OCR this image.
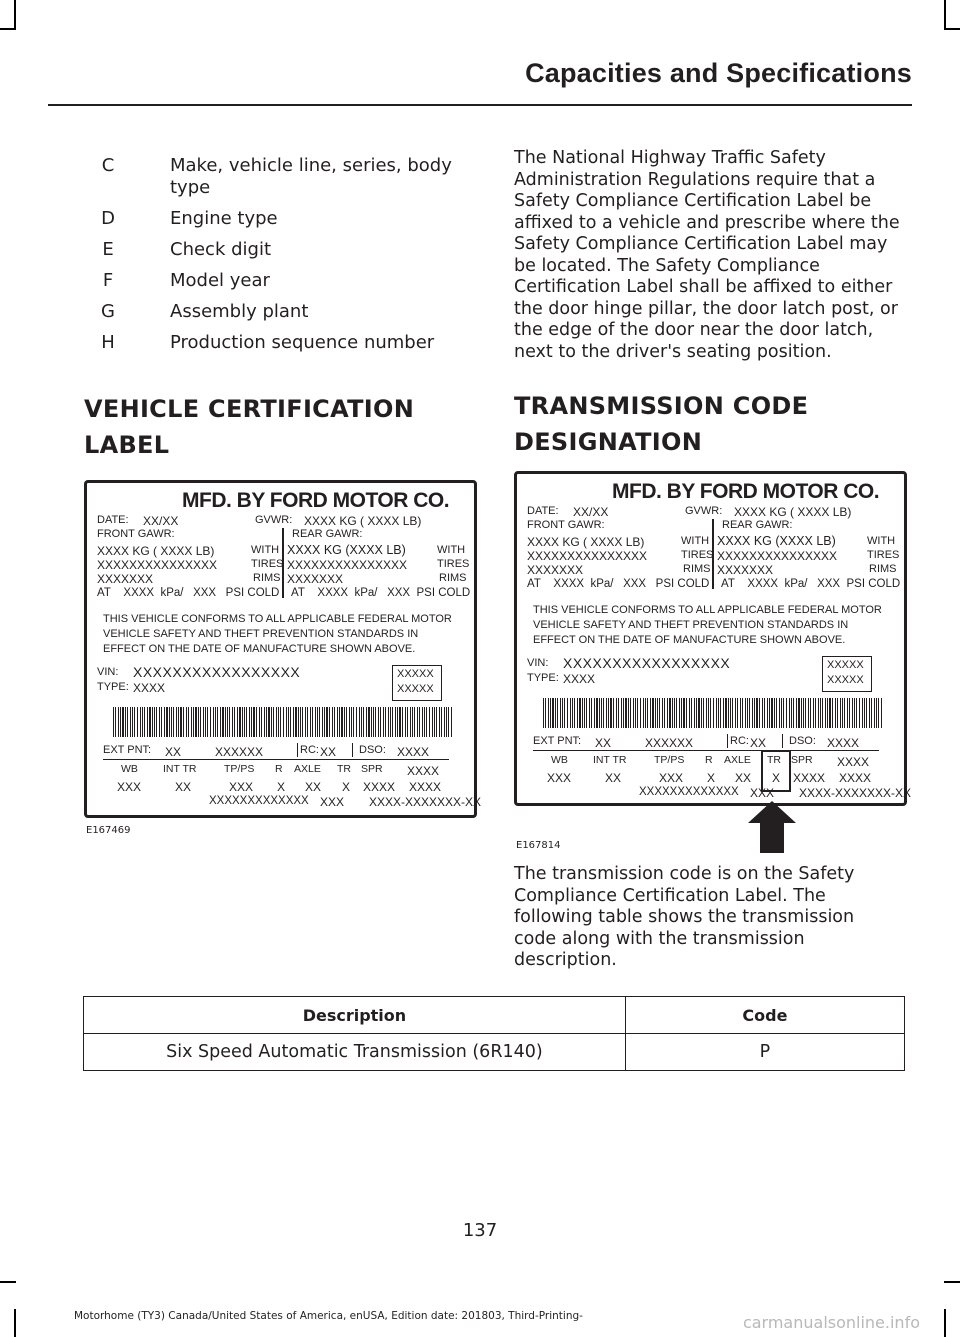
Capacities and Specifications
C	Make, vehicle line, series, body type
D	Engine type
E	Check digit
F	Model year
G	Assembly plant
H	Production sequence number
VEHICLE CERTIFICATION
LABEL
The National Highway Traffic Safety Administration Regulations require that a Safety Compliance Certification Label be affixed to a vehicle and prescribe where the Safety Compliance Certification Label may be located. The Safety Compliance Certification Label shall be affixed to either the door hinge pillar, the door latch post, or the edge of the door near the door latch, next to the driver's seating position.
TRANSMISSION CODE
DESIGNATION
MFD. BY FORD MOTOR CO.
DATE: XX/XX	GVWR: XXXX KG ( XXXX LB)
FRONT GAWR:	REAR GAWR:
XXXX KG ( XXXX LB)	XXXX KG (XXXX LB)
XXXXXXXXXXXXXXX	XXXXXXXXXXXXXXX
XXXXXXX	XXXXXXX
WITH
TIRES
RIMS
WITH
TIRES
RIMS
AT    XXXX  kPa/   XXX   PSI COLD AT    XXXX  kPa/   XXX  PSI COLD
THIS VEHICLE CONFORMS TO ALL APPLICABLE FEDERAL MOTOR
VEHICLE SAFETY AND THEFT PREVENTION STANDARDS IN
EFFECT ON THE DATE OF MANUFACTURE SHOWN ABOVE.
VIN: XXXXXXXXXXXXXXXXX
TYPE: XXXX
XXXXX
XXXXX
EXT PNT: XX	XXXXXX	RC: XX DSO: XXXX
WB INT TR	TP/PS R AXLE TR SPR XXXX
XXX	XX	XXX X XX X XXXX XXXX
XXXXXXXXXXXXX XXX XXXX-XXXXXXX-XX
E167469
MFD. BY FORD MOTOR CO.
DATE: XX/XX	GVWR: XXXX KG ( XXXX LB)
FRONT GAWR:	REAR GAWR:
XXXX KG ( XXXX LB)	XXXX KG (XXXX LB)
XXXXXXXXXXXXXXX	XXXXXXXXXXXXXXX
XXXXXXX	XXXXXXX
WITH
TIRES
RIMS
WITH
TIRES
RIMS
AT    XXXX  kPa/   XXX   PSI COLD AT    XXXX  kPa/   XXX  PSI COLD
THIS VEHICLE CONFORMS TO ALL APPLICABLE FEDERAL MOTOR
VEHICLE SAFETY AND THEFT PREVENTION STANDARDS IN
EFFECT ON THE DATE OF MANUFACTURE SHOWN ABOVE.
VIN: XXXXXXXXXXXXXXXXX
TYPE: XXXX
XXXXX
XXXXX
EXT PNT: XX	XXXXXX	RC: XX DSO: XXXX
WB INT TR	TP/PS R AXLE TR SPR XXXX
XXX	XX	XXX X XX X XXXX XXXX
XXXXXXXXXXXXX XXX XXXX-XXXXXXX-XX
E167814
The transmission code is on the Safety Compliance Certification Label. The following table shows the transmission code along with the transmission description.
Description	Code
Six Speed Automatic Transmission (6R140)	P
137
Motorhome (TY3) Canada/United States of America, enUSA, Edition date: 201803, Third-Printing-	carmanualsonline.info
